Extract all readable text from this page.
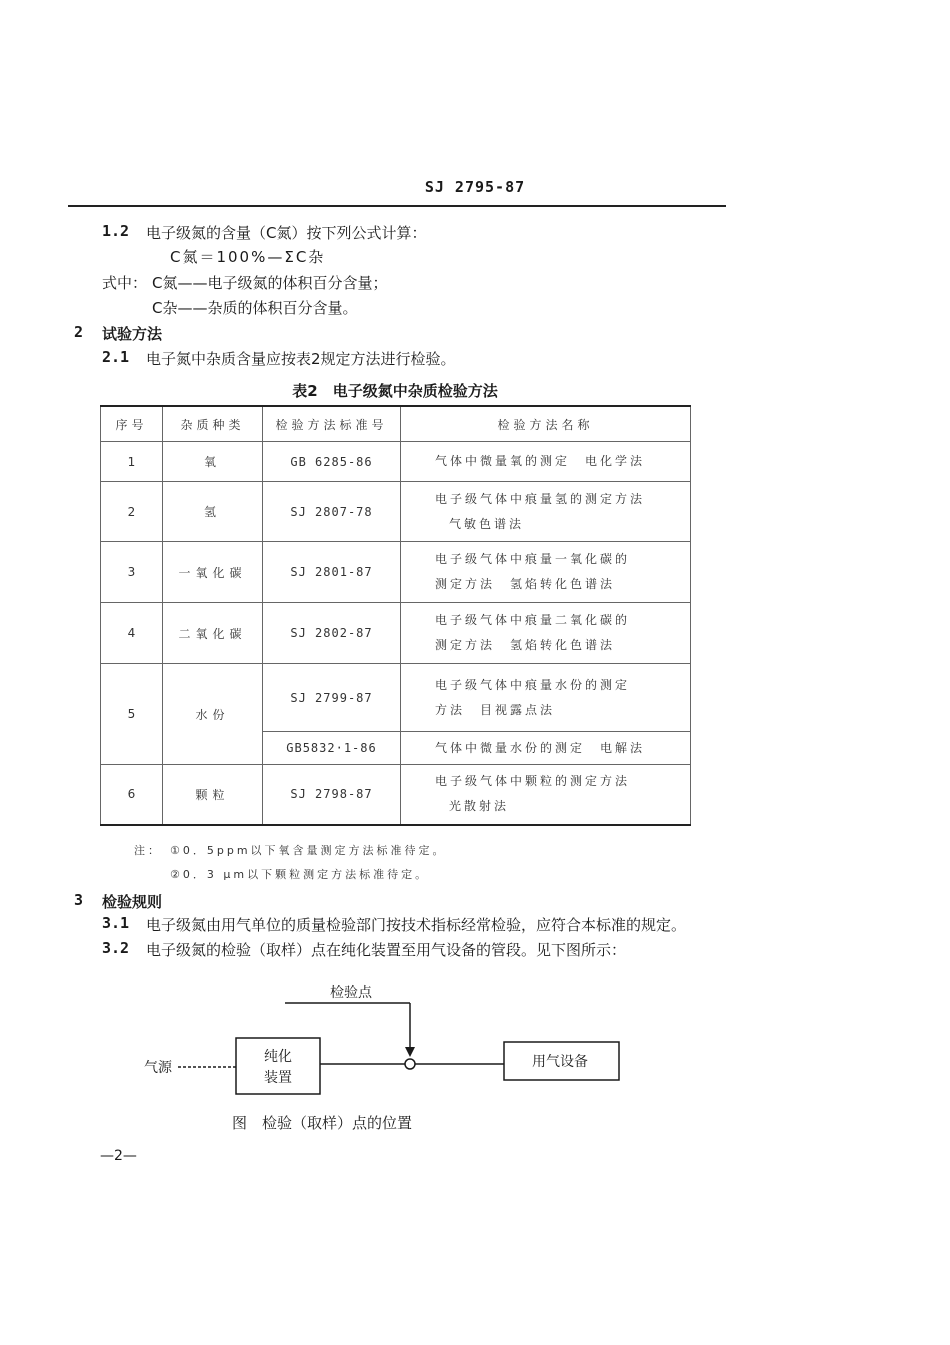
SJ 2795-87
1.2 电子级氮的含量（C氮）按下列公式计算：
C氮＝100%—ΣC杂
式中： C氮——电子级氮的体积百分含量；
C杂——杂质的体积百分含量。
2 试验方法
2.1 电子氮中杂质含量应按表2规定方法进行检验。
表2　电子级氮中杂质检验方法
序号	杂质种类	检验方法标准号	检验方法名称
1	氧	GB 6285-86	气体中微量氧的测定　电化学法
2	氢	SJ 2807-78	电子级气体中痕量氢的测定方法
气敏色谱法

3	一氧化碳	SJ 2801-87	电子级气体中痕量一氧化碳的
测定方法　氢焰转化色谱法

4	二氧化碳	SJ 2802-87	电子级气体中痕量二氧化碳的
测定方法　氢焰转化色谱法

5	水份	SJ 2799-87	电子级气体中痕量水份的测定
方法　目视露点法

		GB5832·1-86	气体中微量水份的测定　电解法
6	颗粒	SJ 2798-87	电子级气体中颗粒的测定方法
光散射法
注： ①0．5ppm以下氧含量测定方法标准待定。
②0．3 μm以下颗粒测定方法标准待定。
3 检验规则
3.1 电子级氮由用气单位的质量检验部门按技术指标经常检验，应符合本标准的规定。
3.2 电子级氮的检验（取样）点在纯化装置至用气设备的管段。见下图所示：
检验点
气源
纯化
装置
用气设备
图　检验（取样）点的位置
—2—
